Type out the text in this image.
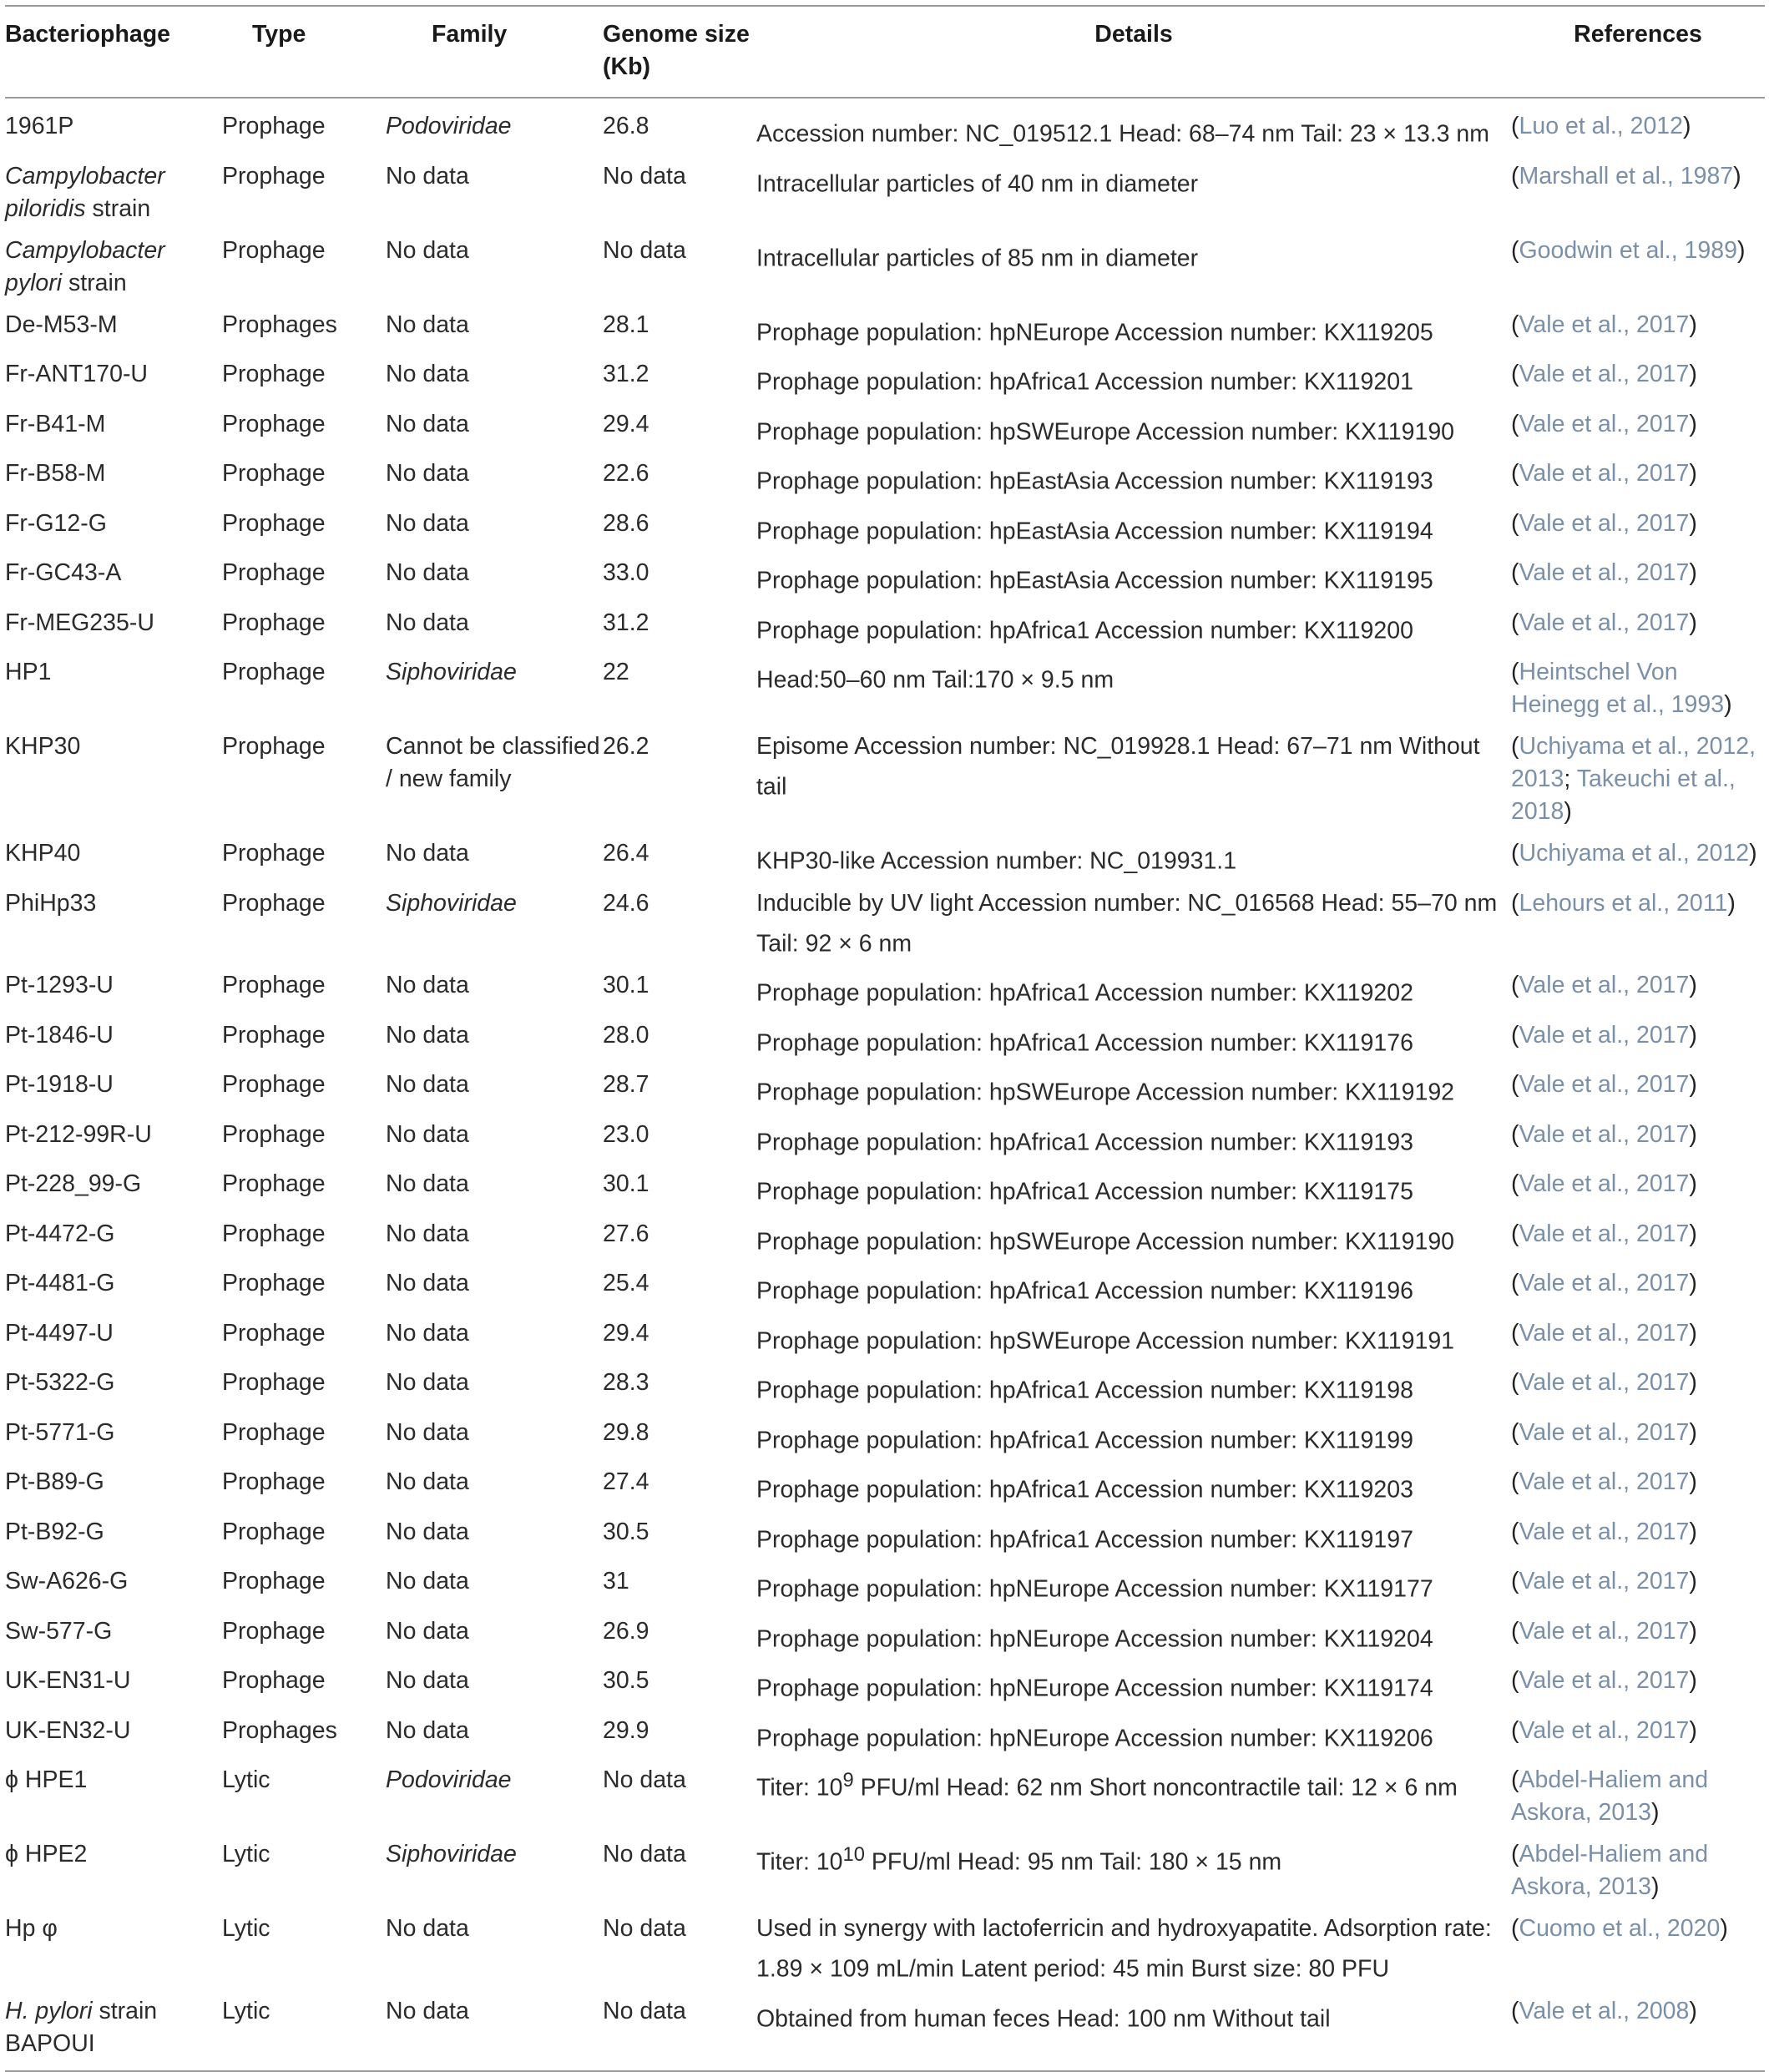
Bacteriophage	Type	Family	Genome size (Kb)	Details	References
1961P	Prophage	Podoviridae	26.8	Accession number: NC_019512.1 Head: 68–74 nm Tail: 23 × 13.3 nm	(Luo et al., 2012)
Campylobacter piloridis strain	Prophage	No data	No data	Intracellular particles of 40 nm in diameter	(Marshall et al., 1987)
Campylobacter pylori strain	Prophage	No data	No data	Intracellular particles of 85 nm in diameter	(Goodwin et al., 1989)
De-M53-M	Prophages	No data	28.1	Prophage population: hpNEurope Accession number: KX119205	(Vale et al., 2017)
Fr-ANT170-U	Prophage	No data	31.2	Prophage population: hpAfrica1 Accession number: KX119201	(Vale et al., 2017)
Fr-B41-M	Prophage	No data	29.4	Prophage population: hpSWEurope Accession number: KX119190	(Vale et al., 2017)
Fr-B58-M	Prophage	No data	22.6	Prophage population: hpEastAsia Accession number: KX119193	(Vale et al., 2017)
Fr-G12-G	Prophage	No data	28.6	Prophage population: hpEastAsia Accession number: KX119194	(Vale et al., 2017)
Fr-GC43-A	Prophage	No data	33.0	Prophage population: hpEastAsia Accession number: KX119195	(Vale et al., 2017)
Fr-MEG235-U	Prophage	No data	31.2	Prophage population: hpAfrica1 Accession number: KX119200	(Vale et al., 2017)
HP1	Prophage	Siphoviridae	22	Head:50–60 nm Tail:170 × 9.5 nm	(Heintschel Von Heinegg et al., 1993)
KHP30	Prophage	Cannot be classified / new family	26.2	Episome Accession number: NC_019928.1 Head: 67–71 nm Without tail	(Uchiyama et al., 2012, 2013; Takeuchi et al., 2018)
KHP40	Prophage	No data	26.4	KHP30-like Accession number: NC_019931.1	(Uchiyama et al., 2012)
PhiHp33	Prophage	Siphoviridae	24.6	Inducible by UV light Accession number: NC_016568 Head: 55–70 nm Tail: 92 × 6 nm	(Lehours et al., 2011)
Pt-1293-U	Prophage	No data	30.1	Prophage population: hpAfrica1 Accession number: KX119202	(Vale et al., 2017)
Pt-1846-U	Prophage	No data	28.0	Prophage population: hpAfrica1 Accession number: KX119176	(Vale et al., 2017)
Pt-1918-U	Prophage	No data	28.7	Prophage population: hpSWEurope Accession number: KX119192	(Vale et al., 2017)
Pt-212-99R-U	Prophage	No data	23.0	Prophage population: hpAfrica1 Accession number: KX119193	(Vale et al., 2017)
Pt-228_99-G	Prophage	No data	30.1	Prophage population: hpAfrica1 Accession number: KX119175	(Vale et al., 2017)
Pt-4472-G	Prophage	No data	27.6	Prophage population: hpSWEurope Accession number: KX119190	(Vale et al., 2017)
Pt-4481-G	Prophage	No data	25.4	Prophage population: hpAfrica1 Accession number: KX119196	(Vale et al., 2017)
Pt-4497-U	Prophage	No data	29.4	Prophage population: hpSWEurope Accession number: KX119191	(Vale et al., 2017)
Pt-5322-G	Prophage	No data	28.3	Prophage population: hpAfrica1 Accession number: KX119198	(Vale et al., 2017)
Pt-5771-G	Prophage	No data	29.8	Prophage population: hpAfrica1 Accession number: KX119199	(Vale et al., 2017)
Pt-B89-G	Prophage	No data	27.4	Prophage population: hpAfrica1 Accession number: KX119203	(Vale et al., 2017)
Pt-B92-G	Prophage	No data	30.5	Prophage population: hpAfrica1 Accession number: KX119197	(Vale et al., 2017)
Sw-A626-G	Prophage	No data	31	Prophage population: hpNEurope Accession number: KX119177	(Vale et al., 2017)
Sw-577-G	Prophage	No data	26.9	Prophage population: hpNEurope Accession number: KX119204	(Vale et al., 2017)
UK-EN31-U	Prophage	No data	30.5	Prophage population: hpNEurope Accession number: KX119174	(Vale et al., 2017)
UK-EN32-U	Prophages	No data	29.9	Prophage population: hpNEurope Accession number: KX119206	(Vale et al., 2017)
ϕ HPE1	Lytic	Podoviridae	No data	Titer: $10^9$ PFU/ml Head: 62 nm Short noncontractile tail: 12 × 6 nm	(Abdel-Haliem and Askora, 2013)
ϕ HPE2	Lytic	Siphoviridae	No data	Titer: $10^{10}$ PFU/ml Head: 95 nm Tail: 180 × 15 nm	(Abdel-Haliem and Askora, 2013)
Hp φ	Lytic	No data	No data	Used in synergy with lactoferricin and hydroxyapatite. Adsorption rate: 1.89 × 109 mL/min Latent period: 45 min Burst size: 80 PFU	(Cuomo et al., 2020)
H. pylori strain BAPOUI	Lytic	No data	No data	Obtained from human feces Head: 100 nm Without tail	(Vale et al., 2008)
